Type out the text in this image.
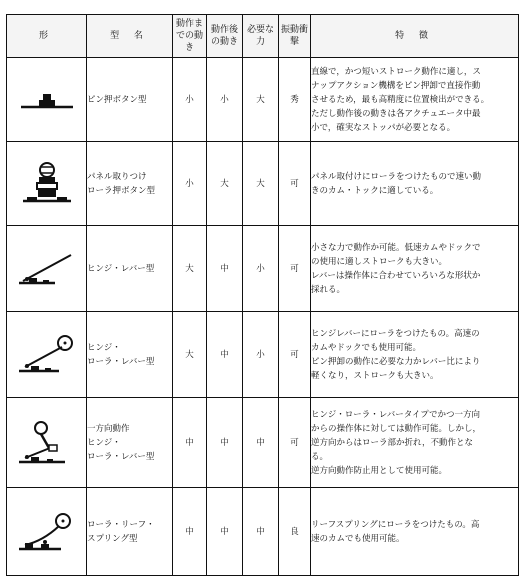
形	型 名	動作までの動き	動作後の動き	必要な力	振動衝撃	特 徴

ピン押ボタン型	小	小	大	秀	直線で，かつ短いストローク動作に適し，ス
ナップアクション機構をピン押卸で直接作動
させるため，最も高精度に位置検出ができる。
ただし動作後の動きは各アクチュエータ中最
小で，確実なストッパが必要となる。

パネル取りつけ
ローラ押ボタン型	小	大	大	可	パネル取付けにローラをつけたもので速い動
きのカム・トックに適している。

ヒンジ・レバー型	大	中	小	可	小さな力で動作か可能。低速カムやドックで
の使用に適しストロークも大きい。
レバーは操作体に合わせていろいろな形状か
採れる。

ヒンジ・
ローラ・レバー型	大	中	小	可	ヒンジレバーにローラをつけたもの。高速の
カムやドックでも使用可能。
ピン押卸の動作に必要な力かレバー比により
軽くなり，ストロークも大きい。

一方向動作
ヒンジ・
ローラ・レバー型	中	中	中	可	ヒンジ・ローラ・レバータイプでかつ一方向
からの操作体に対しては動作可能。しかし，
逆方向からはローラ部か折れ，不動作とな
る。
逆方向動作防止用として使用可能。

ローラ・リーフ・
スプリング型	中	中	中	良	リーフスプリングにローラをつけたもの。高
速のカムでも使用可能。
